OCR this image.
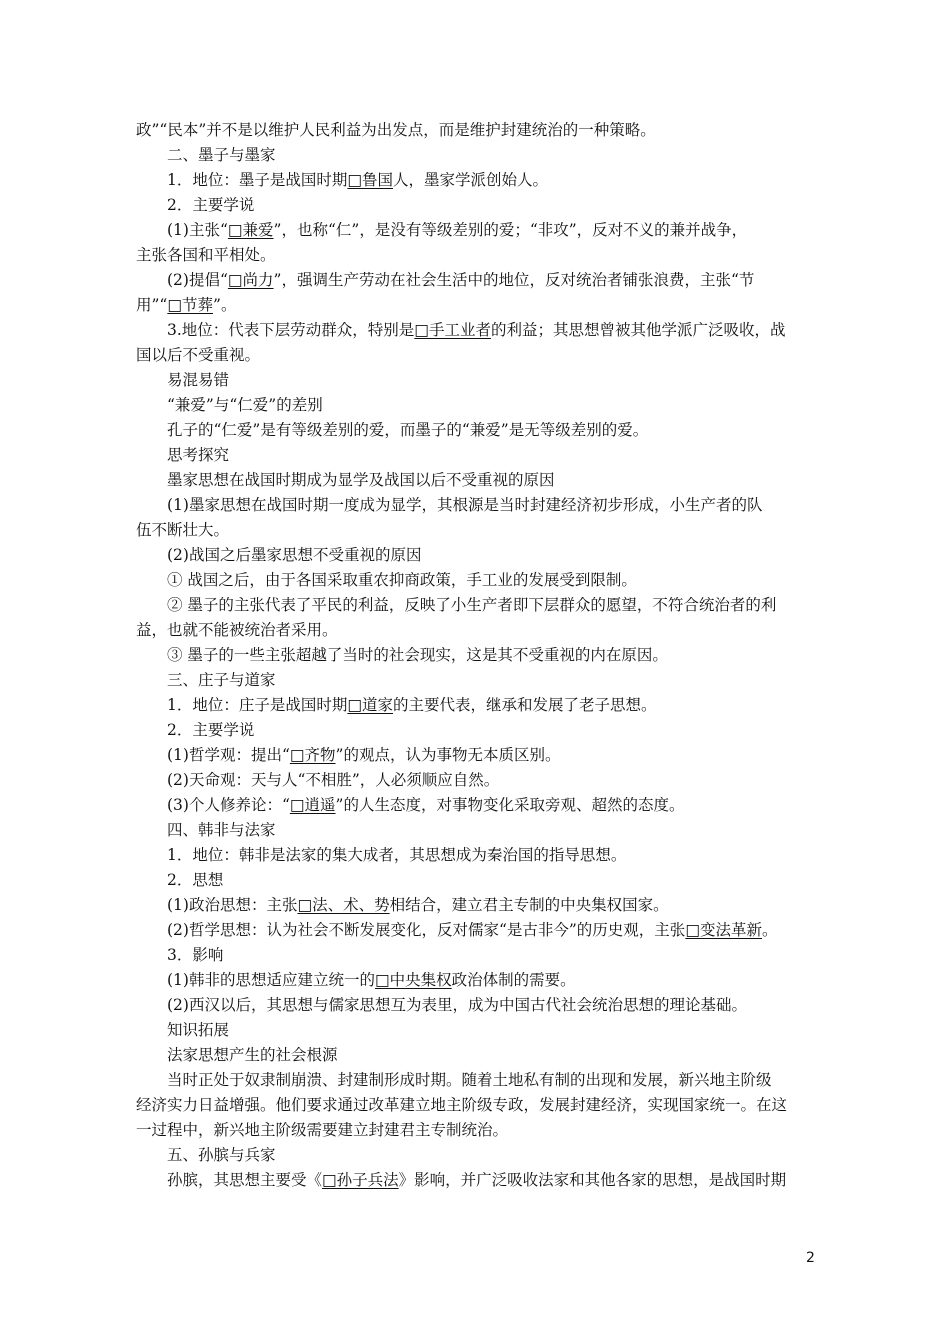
政”“民本”并不是以维护人民利益为出发点，而是维护封建统治的一种策略。
二、墨子与墨家
1．地位：墨子是战国时期□鲁国人，墨家学派创始人。
2．主要学说
(1)主张“□兼爱”，也称“仁”，是没有等级差别的爱；“非攻”，反对不义的兼并战争，
主张各国和平相处。
(2)提倡“□尚力”，强调生产劳动在社会生活中的地位，反对统治者铺张浪费，主张“节
用”“□节葬”。
3.地位：代表下层劳动群众，特别是□手工业者的利益；其思想曾被其他学派广泛吸收，战
国以后不受重视。
易混易错
“兼爱”与“仁爱”的差别
孔子的“仁爱”是有等级差别的爱，而墨子的“兼爱”是无等级差别的爱。
思考探究
墨家思想在战国时期成为显学及战国以后不受重视的原因
(1)墨家思想在战国时期一度成为显学，其根源是当时封建经济初步形成，小生产者的队
伍不断壮大。
(2)战国之后墨家思想不受重视的原因
① 战国之后，由于各国采取重农抑商政策，手工业的发展受到限制。
② 墨子的主张代表了平民的利益，反映了小生产者即下层群众的愿望，不符合统治者的利
益，也就不能被统治者采用。
③ 墨子的一些主张超越了当时的社会现实，这是其不受重视的内在原因。
三、庄子与道家
1．地位：庄子是战国时期□道家的主要代表，继承和发展了老子思想。
2．主要学说
(1)哲学观：提出“□齐物”的观点，认为事物无本质区别。
(2)天命观：天与人“不相胜”，人必须顺应自然。
(3)个人修养论：“□逍遥”的人生态度，对事物变化采取旁观、超然的态度。
四、韩非与法家
1．地位：韩非是法家的集大成者，其思想成为秦治国的指导思想。
2．思想
(1)政治思想：主张□法、术、势相结合，建立君主专制的中央集权国家。
(2)哲学思想：认为社会不断发展变化，反对儒家“是古非今”的历史观，主张□变法革新。
3．影响
(1)韩非的思想适应建立统一的□中央集权政治体制的需要。
(2)西汉以后，其思想与儒家思想互为表里，成为中国古代社会统治思想的理论基础。
知识拓展
法家思想产生的社会根源
当时正处于奴隶制崩溃、封建制形成时期。随着土地私有制的出现和发展，新兴地主阶级
经济实力日益增强。他们要求通过改革建立地主阶级专政，发展封建经济，实现国家统一。在这
一过程中，新兴地主阶级需要建立封建君主专制统治。
五、孙膑与兵家
孙膑，其思想主要受《□孙子兵法》影响，并广泛吸收法家和其他各家的思想，是战国时期
2
